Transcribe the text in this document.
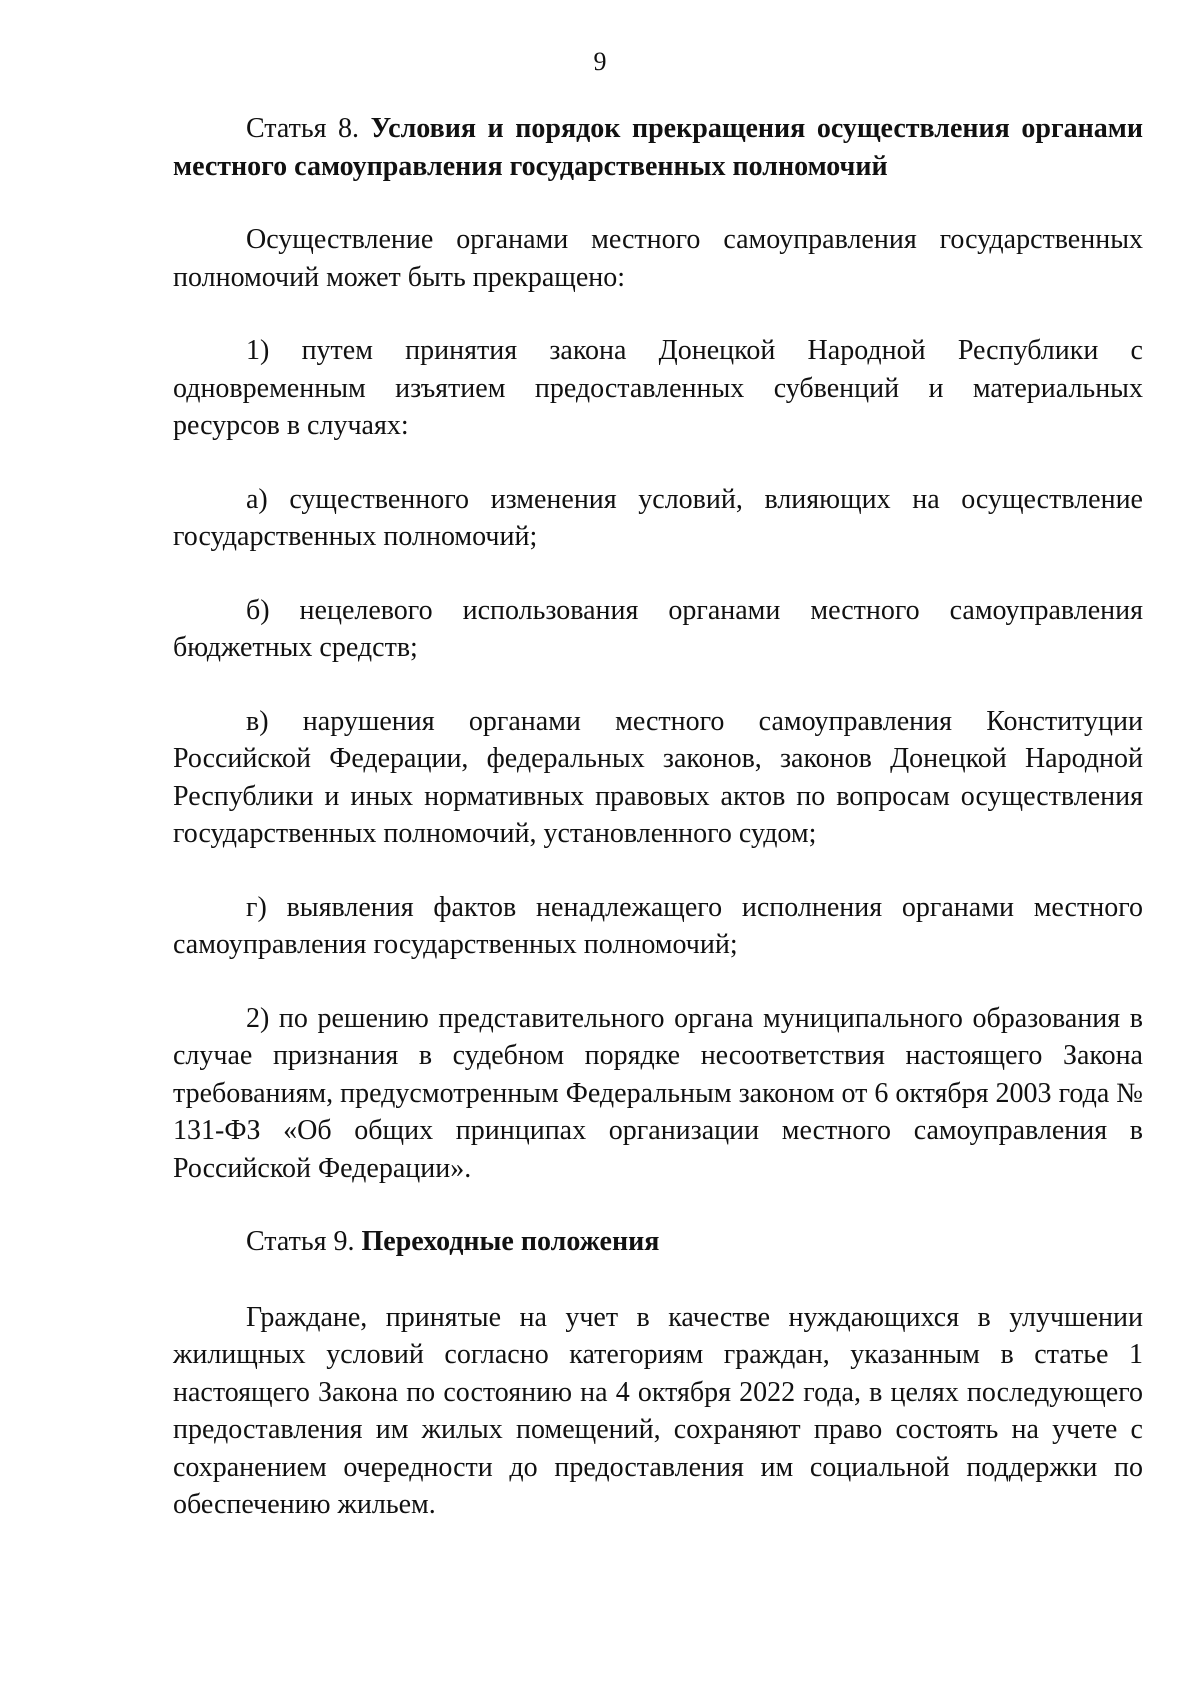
9

Статья 8. Условия и порядок прекращения осуществления органами местного самоуправления государственных полномочий

Осуществление органами местного самоуправления государственных полномочий может быть прекращено:

1) путем принятия закона Донецкой Народной Республики с одновременным изъятием предоставленных субвенций и материальных ресурсов в случаях:

а) существенного изменения условий, влияющих на осуществление государственных полномочий;

б) нецелевого использования органами местного самоуправления бюджетных средств;

в) нарушения органами местного самоуправления Конституции Российской Федерации, федеральных законов, законов Донецкой Народной Республики и иных нормативных правовых актов по вопросам осуществления государственных полномочий, установленного судом;

г) выявления фактов ненадлежащего исполнения органами местного самоуправления государственных полномочий;

2) по решению представительного органа муниципального образования в случае признания в судебном порядке несоответствия настоящего Закона требованиям, предусмотренным Федеральным законом от 6 октября 2003 года № 131-ФЗ «Об общих принципах организации местного самоуправления в Российской Федерации».

Статья 9. Переходные положения

Граждане, принятые на учет в качестве нуждающихся в улучшении жилищных условий согласно категориям граждан, указанным в статье 1 настоящего Закона по состоянию на 4 октября 2022 года, в целях последующего предоставления им жилых помещений, сохраняют право состоять на учете с сохранением очередности до предоставления им социальной поддержки по обеспечению жильем.
